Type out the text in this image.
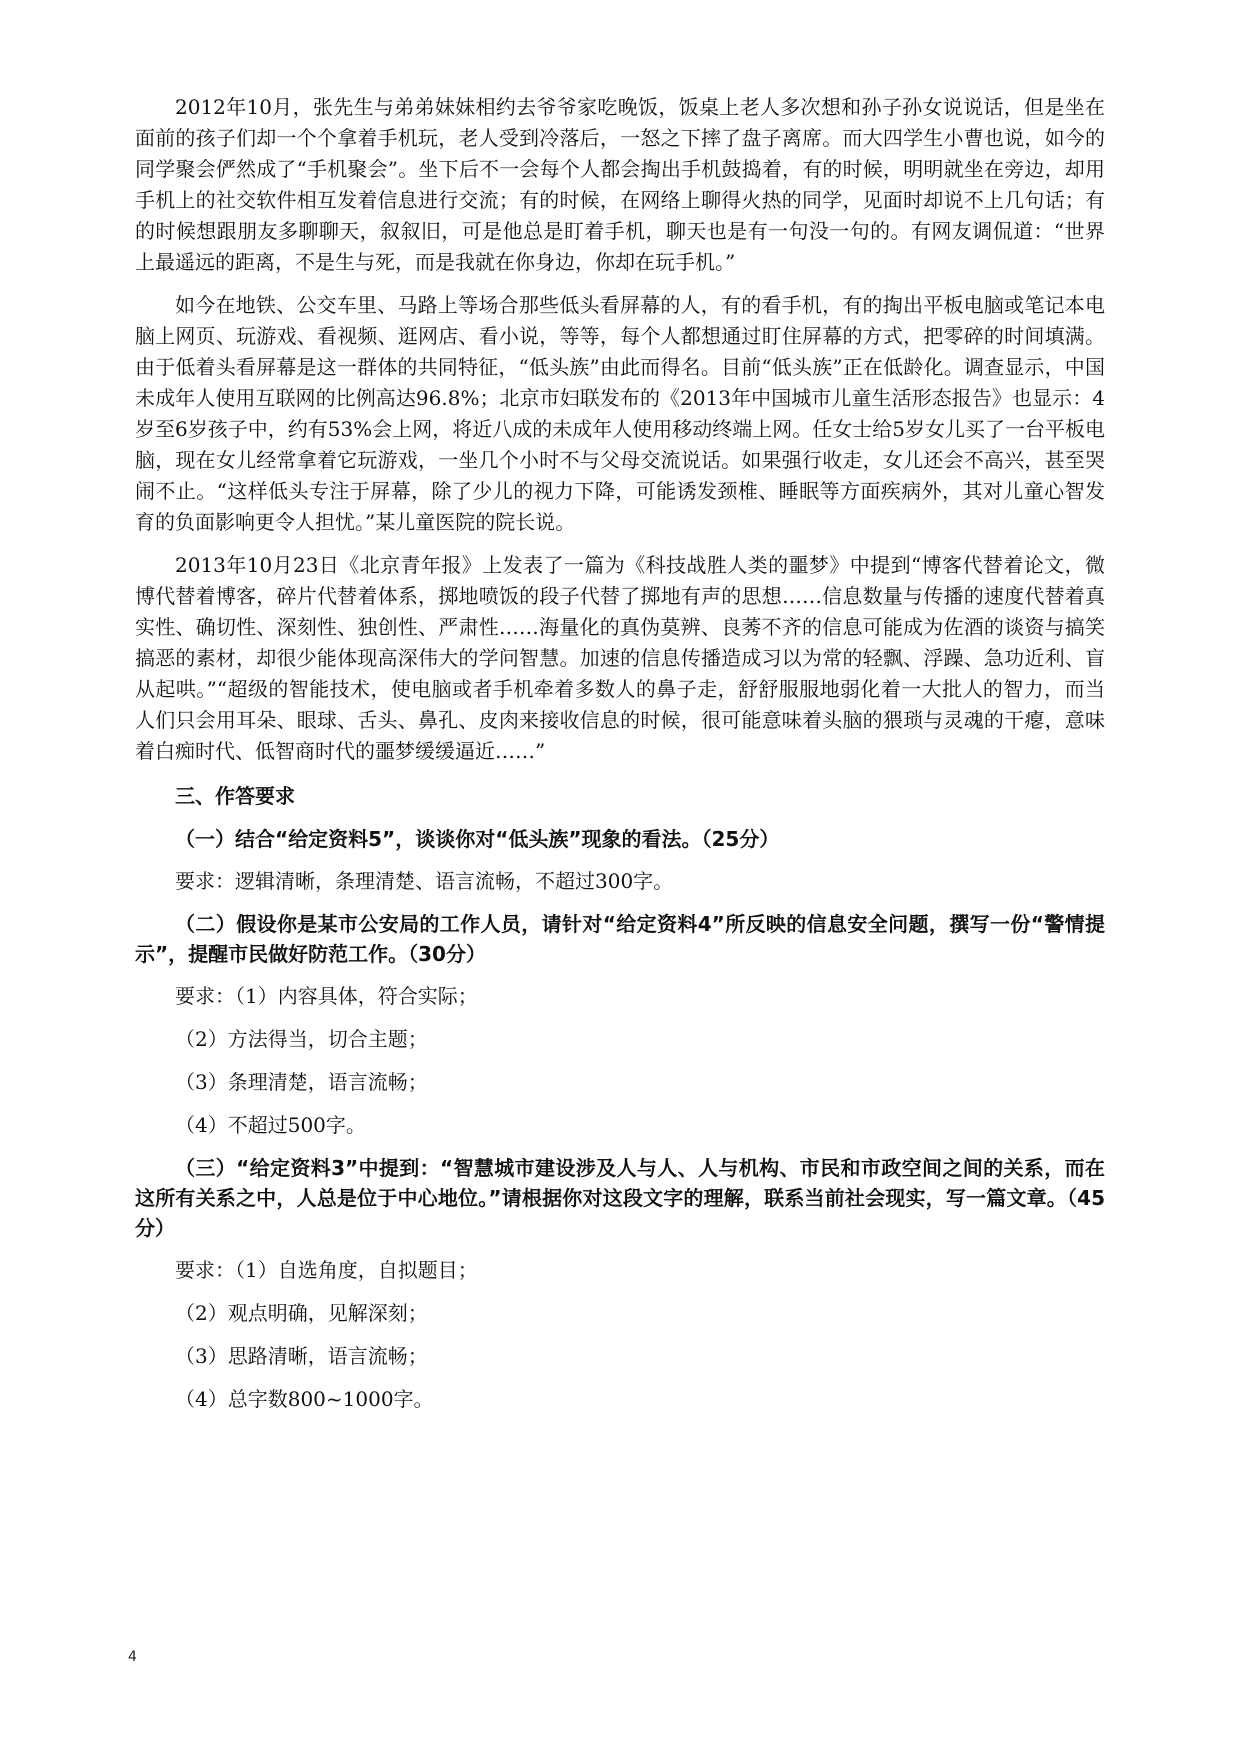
2012年10月，张先生与弟弟妹妹相约去爷爷家吃晚饭，饭桌上老人多次想和孙子孙女说说话，但是坐在面前的孩子们却一个个拿着手机玩，老人受到冷落后，一怒之下摔了盘子离席。而大四学生小曹也说，如今的同学聚会俨然成了“手机聚会”。坐下后不一会每个人都会掏出手机鼓捣着，有的时候，明明就坐在旁边，却用手机上的社交软件相互发着信息进行交流；有的时候，在网络上聊得火热的同学，见面时却说不上几句话；有的时候想跟朋友多聊聊天，叙叙旧，可是他总是盯着手机，聊天也是有一句没一句的。有网友调侃道：“世界上最遥远的距离，不是生与死，而是我就在你身边，你却在玩手机。”

如今在地铁、公交车里、马路上等场合那些低头看屏幕的人，有的看手机，有的掏出平板电脑或笔记本电脑上网页、玩游戏、看视频、逛网店、看小说，等等，每个人都想通过盯住屏幕的方式，把零碎的时间填满。由于低着头看屏幕是这一群体的共同特征，“低头族”由此而得名。目前“低头族”正在低龄化。调查显示，中国未成年人使用互联网的比例高达96.8%；北京市妇联发布的《2013年中国城市儿童生活形态报告》也显示：4岁至6岁孩子中，约有53%会上网，将近八成的未成年人使用移动终端上网。任女士给5岁女儿买了一台平板电脑，现在女儿经常拿着它玩游戏，一坐几个小时不与父母交流说话。如果强行收走，女儿还会不高兴，甚至哭闹不止。“这样低头专注于屏幕，除了少儿的视力下降，可能诱发颈椎、睡眠等方面疾病外，其对儿童心智发育的负面影响更令人担忧。”某儿童医院的院长说。

2013年10月23日《北京青年报》上发表了一篇为《科技战胜人类的噩梦》中提到“博客代替着论文，微博代替着博客，碎片代替着体系，掷地喷饭的段子代替了掷地有声的思想……信息数量与传播的速度代替着真实性、确切性、深刻性、独创性、严肃性……海量化的真伪莫辨、良莠不齐的信息可能成为佐酒的谈资与搞笑搞恶的素材，却很少能体现高深伟大的学问智慧。加速的信息传播造成习以为常的轻飘、浮躁、急功近利、盲从起哄。”“超级的智能技术，使电脑或者手机牵着多数人的鼻子走，舒舒服服地弱化着一大批人的智力，而当人们只会用耳朵、眼球、舌头、鼻孔、皮肉来接收信息的时候，很可能意味着头脑的猥琐与灵魂的干瘪，意味着白痴时代、低智商时代的噩梦缓缓逼近……”

三、作答要求
（一）结合“给定资料5”，谈谈你对“低头族”现象的看法。（25分）
要求：逻辑清晰，条理清楚、语言流畅，不超过300字。
（二）假设你是某市公安局的工作人员，请针对“给定资料4”所反映的信息安全问题，撰写一份“警情提示”，提醒市民做好防范工作。（30分）
要求：（1）内容具体，符合实际；
（2）方法得当，切合主题；
（3）条理清楚，语言流畅；
（4）不超过500字。
（三）“给定资料3”中提到：“智慧城市建设涉及人与人、人与机构、市民和市政空间之间的关系，而在这所有关系之中，人总是位于中心地位。”请根据你对这段文字的理解，联系当前社会现实，写一篇文章。（45分）
要求：（1）自选角度，自拟题目；
（2）观点明确，见解深刻；
（3）思路清晰，语言流畅；
（4）总字数800~1000字。
4
